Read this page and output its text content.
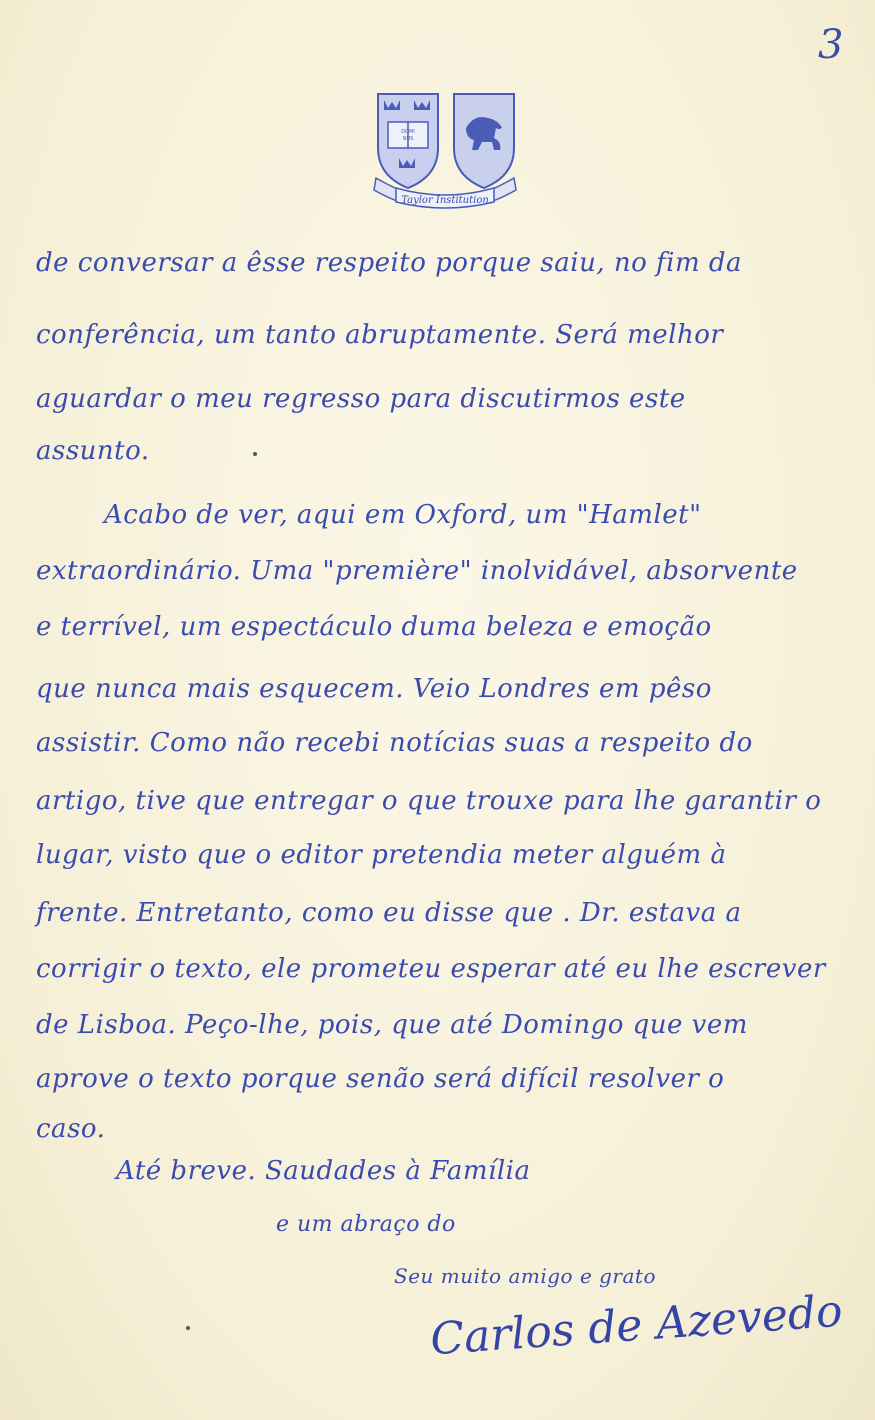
3
DOMI
NUS
Taylor Institution
de conversar a êsse respeito porque saiu, no fim da
conferência, um tanto abruptamente. Será melhor
aguardar o meu regresso para discutirmos este
assunto.
Acabo de ver, aqui em Oxford, um "Hamlet"
extraordinário. Uma "première" inolvidável, absorvente
e terrível, um espectáculo duma beleza e emoção
que nunca mais esquecem. Veio Londres em pêso
assistir. Como não recebi notícias suas a respeito do
artigo, tive que entregar o que trouxe para lhe garantir o
lugar, visto que o editor pretendia meter alguém à
frente. Entretanto, como eu disse que . Dr. estava a
corrigir o texto, ele prometeu esperar até eu lhe escrever
de Lisboa. Peço-lhe, pois, que até Domingo que vem
aprove o texto porque senão será difícil resolver o
caso.
Até breve. Saudades à Família
e um abraço do
Seu muito amigo e grato
Carlos de Azevedo
